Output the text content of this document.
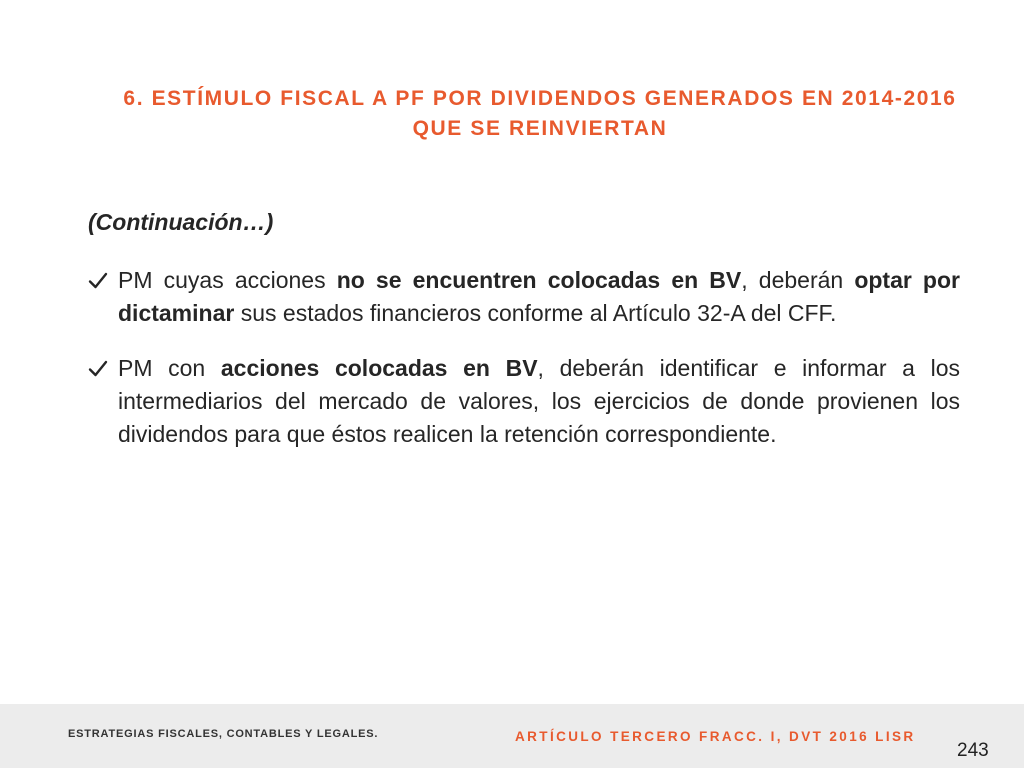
6. ESTÍMULO FISCAL A PF POR DIVIDENDOS GENERADOS EN 2014-2016
QUE SE REINVIERTAN
(Continuación…)
PM cuyas acciones no se encuentren colocadas en BV, deberán optar por dictaminar sus estados financieros conforme al Artículo 32-A del CFF.
PM con acciones colocadas en BV, deberán identificar e informar a los intermediarios del mercado de valores, los ejercicios de donde provienen los dividendos para que éstos realicen la retención correspondiente.
ESTRATEGIAS FISCALES, CONTABLES Y LEGALES.	ARTÍCULO TERCERO FRACC. I, DVT 2016 LISR
243
